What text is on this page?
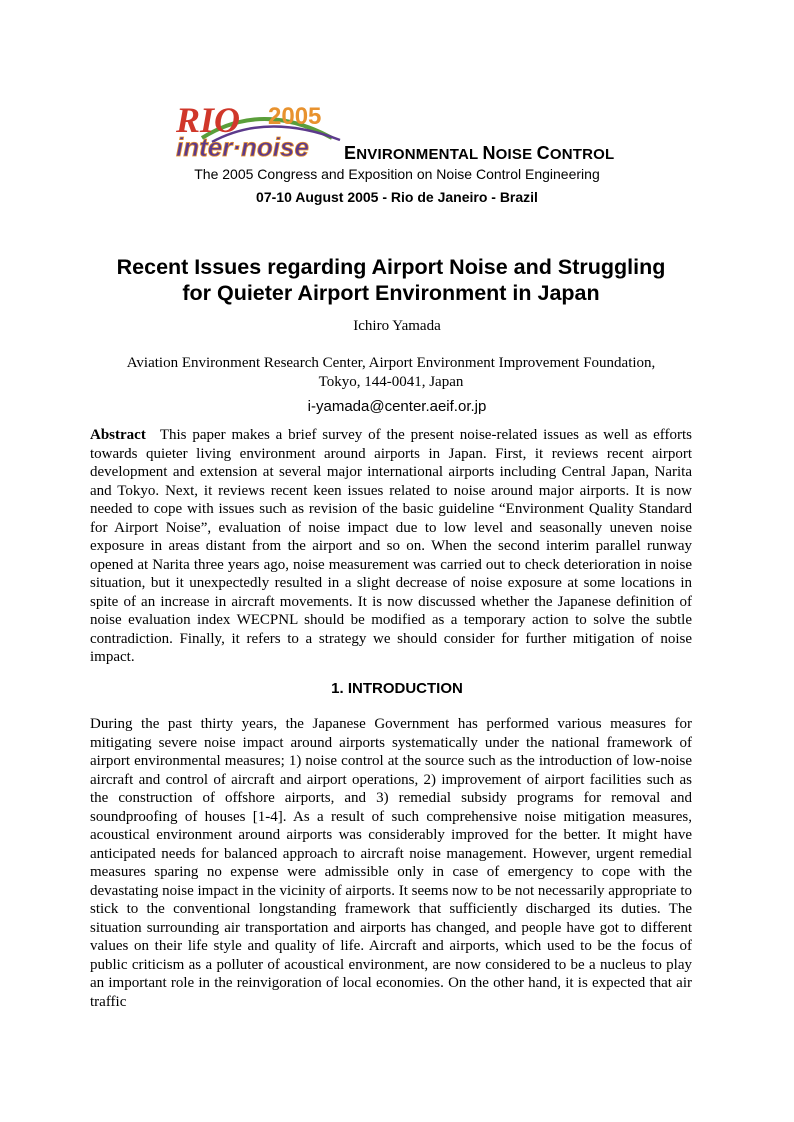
RIO 2005
inter·noise ENVIRONMENTAL NOISE CONTROL
The 2005 Congress and Exposition on Noise Control Engineering
07-10 August 2005 - Rio de Janeiro - Brazil
Recent Issues regarding Airport Noise and Struggling
for Quieter Airport Environment in Japan
Ichiro Yamada
Aviation Environment Research Center, Airport Environment Improvement Foundation,
Tokyo, 144-0041, Japan
i-yamada@center.aeif.or.jp
Abstract This paper makes a brief survey of the present noise-related issues as well as efforts towards quieter living environment around airports in Japan. First, it reviews recent airport development and extension at several major international airports including Central Japan, Narita and Tokyo. Next, it reviews recent keen issues related to noise around major airports. It is now needed to cope with issues such as revision of the basic guideline “Environment Quality Standard for Airport Noise”, evaluation of noise impact due to low level and seasonally uneven noise exposure in areas distant from the airport and so on. When the second interim parallel runway opened at Narita three years ago, noise measurement was carried out to check deterioration in noise situation, but it unexpectedly resulted in a slight decrease of noise exposure at some locations in spite of an increase in aircraft movements. It is now discussed whether the Japanese definition of noise evaluation index WECPNL should be modified as a temporary action to solve the subtle contradiction. Finally, it refers to a strategy we should consider for further mitigation of noise impact.
1. INTRODUCTION
During the past thirty years, the Japanese Government has performed various measures for mitigating severe noise impact around airports systematically under the national framework of airport environmental measures; 1) noise control at the source such as the introduction of low-noise aircraft and control of aircraft and airport operations, 2) improvement of airport facilities such as the construction of offshore airports, and 3) remedial subsidy programs for removal and soundproofing of houses [1-4]. As a result of such comprehensive noise mitigation measures, acoustical environment around airports was considerably improved for the better. It might have anticipated needs for balanced approach to aircraft noise management. However, urgent remedial measures sparing no expense were admissible only in case of emergency to cope with the devastating noise impact in the vicinity of airports. It seems now to be not necessarily appropriate to stick to the conventional longstanding framework that sufficiently discharged its duties. The situation surrounding air transportation and airports has changed, and people have got to different values on their life style and quality of life. Aircraft and airports, which used to be the focus of public criticism as a polluter of acoustical environment, are now considered to be a nucleus to play an important role in the reinvigoration of local economies. On the other hand, it is expected that air traffic
